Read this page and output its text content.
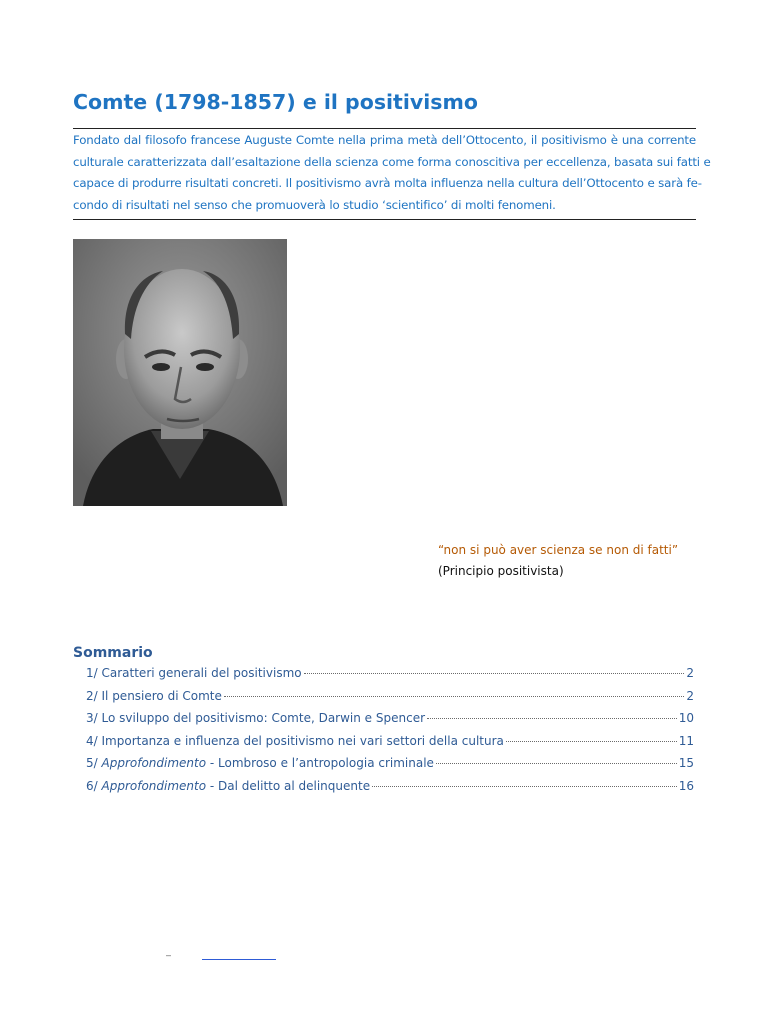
Comte (1798-1857) e il positivismo
Fondato dal filosofo francese Auguste Comte nella prima metà dell’Ottocento, il positivismo è una corrente
culturale caratterizzata dall’esaltazione della scienza come forma conoscitiva per eccellenza, basata sui fatti e
capace di produrre risultati concreti. Il positivismo avrà molta influenza nella cultura dell’Ottocento e sarà fe-
condo di risultati nel senso che promuoverà lo studio ‘scientifico’ di molti fenomeni.
“non si può aver scienza se non di fatti”
(Principio positivista)
Sommario
1/ Caratteri generali del positivismo	2
2/ Il pensiero di Comte	2
3/ Lo sviluppo del positivismo: Comte, Darwin e Spencer	10
4/ Importanza e influenza del positivismo nei vari settori della cultura	11
5/ Approfondimento - Lombroso e l’antropologia criminale	15
6/ Approfondimento - Dal delitto al delinquente	16
–
